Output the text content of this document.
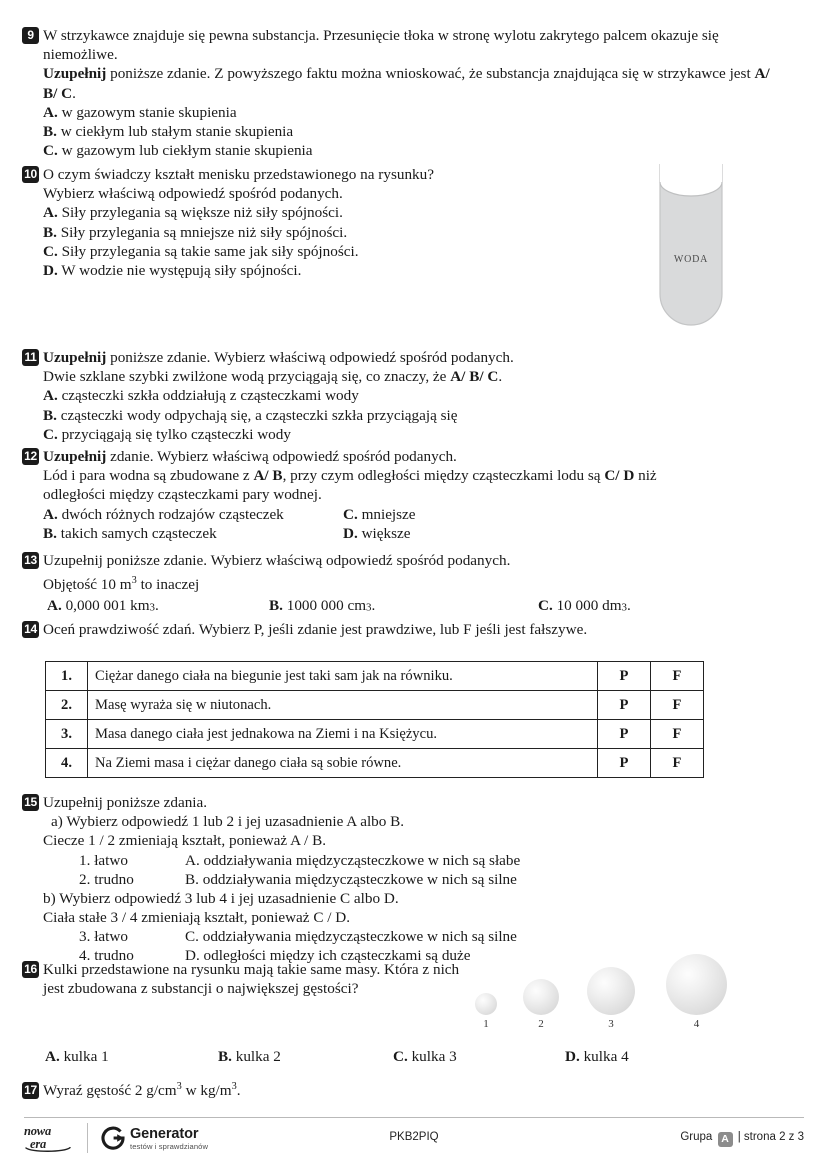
9 W strzykawce znajduje się pewna substancja. Przesunięcie tłoka w stronę wylotu zakrytego palcem okazuje się niemożliwe.
Uzupełnij poniższe zdanie. Z powyższego faktu można wnioskować, że substancja znajdująca się w strzykawce jest A/ B/ C.
A. w gazowym stanie skupienia
B. w ciekłym lub stałym stanie skupienia
C. w gazowym lub ciekłym stanie skupienia
10 O czym świadczy kształt menisku przedstawionego na rysunku?
Wybierz właściwą odpowiedź spośród podanych.
A. Siły przylegania są większe niż siły spójności.
B. Siły przylegania są mniejsze niż siły spójności.
C. Siły przylegania są takie same jak siły spójności.
D. W wodzie nie występują siły spójności.
WODA
11 Uzupełnij poniższe zdanie. Wybierz właściwą odpowiedź spośród podanych.
Dwie szklane szybki zwilżone wodą przyciągają się, co znaczy, że A/ B/ C.
A. cząsteczki szkła oddziałują z cząsteczkami wody
B. cząsteczki wody odpychają się, a cząsteczki szkła przyciągają się
C. przyciągają się tylko cząsteczki wody
12 Uzupełnij zdanie. Wybierz właściwą odpowiedź spośród podanych.
Lód i para wodna są zbudowane z A/ B, przy czym odległości między cząsteczkami lodu są C/ D niż
odległości między cząsteczkami pary wodnej.
A. dwóch różnych rodzajów cząsteczek	C. mniejsze
B. takich samych cząsteczek	D. większe
13 Uzupełnij poniższe zdanie. Wybierz właściwą odpowiedź spośród podanych.
Objętość 10 $m^3$ to inaczej
A. 0,000 001 km3.	B. 1000 000 cm3.	C. 10 000 dm3.
14 Oceń prawdziwość zdań. Wybierz P, jeśli zdanie jest prawdziwe, lub F jeśli jest fałszywe.
1.	Ciężar danego ciała na biegunie jest taki sam jak na równiku.	P	F
2.	Masę wyraża się w niutonach.	P	F
3.	Masa danego ciała jest jednakowa na Ziemi i na Księżycu.	P	F
4.	Na Ziemi masa i ciężar danego ciała są sobie równe.	P	F
15 Uzupełnij poniższe zdania.
a) Wybierz odpowiedź 1 lub 2 i jej uzasadnienie A albo B.
Ciecze 1 / 2 zmieniają kształt, ponieważ A / B.
1. łatwo	A. oddziaływania międzycząsteczkowe w nich są słabe
2. trudno	B. oddziaływania międzycząsteczkowe w nich są silne
b) Wybierz odpowiedź 3 lub 4 i jej uzasadnienie C albo D.
Ciała stałe 3 / 4 zmieniają kształt, ponieważ C / D.
3. łatwo	C. oddziaływania międzycząsteczkowe w nich są silne
4. trudno	D. odległości między ich cząsteczkami są duże
16 Kulki przedstawione na rysunku mają takie same masy. Która z nich
jest zbudowana z substancji o największej gęstości?
1	2	3	4
A. kulka 1	B. kulka 2	C. kulka 3	D. kulka 4
17 Wyraź gęstość 2 $g/cm^3$ w $kg/m^3$.
nowa
era
Generator
testów i sprawdzianów
PKB2PIQ	Grupa A | strona 2 z 3
